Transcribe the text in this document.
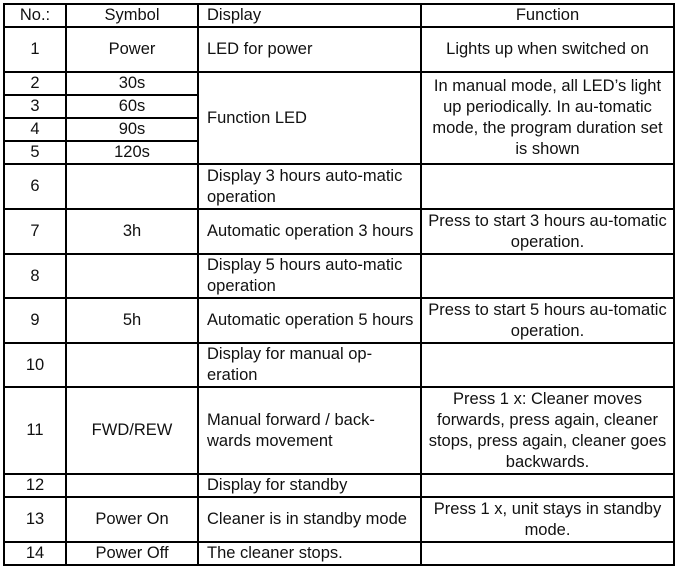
No.:	Symbol	Display	Function
1	Power	LED for power	Lights up when switched on
2	30s	Function LED	In manual mode, all LED’s light up periodically. In au-tomatic mode, the program duration set is shown
3	60s		
4	90s		
5	120s		
6		Display 3 hours auto-matic operation	
7	3h	Automatic operation 3 hours	Press to start 3 hours au-tomatic operation.
8		Display 5 hours auto-matic operation	
9	5h	Automatic operation 5 hours	Press to start 5 hours au-tomatic operation.
10		Display for manual op-eration	
11	FWD/REW	Manual forward / back-wards movement	Press 1 x: Cleaner moves forwards, press again, cleaner stops, press again, cleaner goes backwards.
12		Display for standby	
13	Power On	Cleaner is in standby mode	Press 1 x, unit stays in standby mode.
14	Power Off	The cleaner stops.	
